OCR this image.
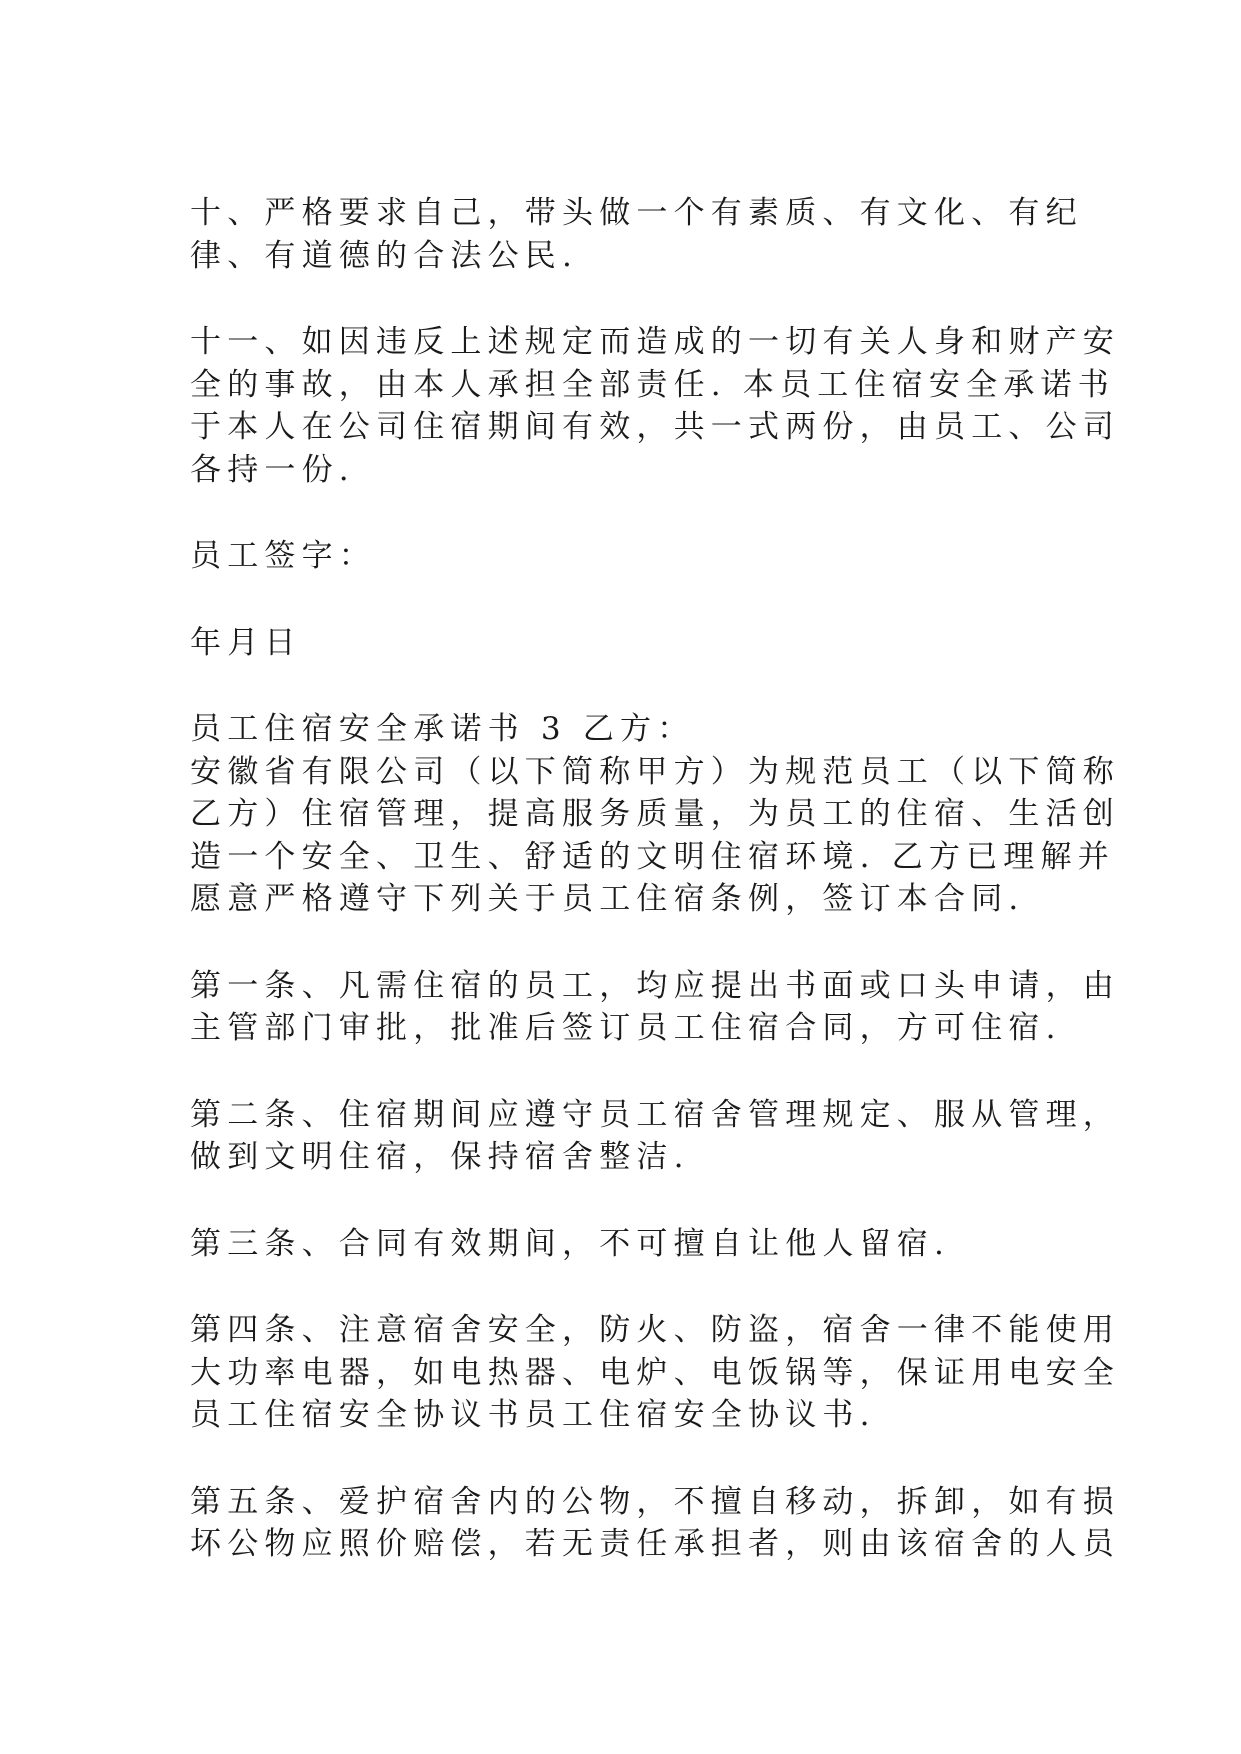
十、严格要求自己，带头做一个有素质、有文化、有纪
律、有道德的合法公民.
十一、如因违反上述规定而造成的一切有关人身和财产安
全的事故，由本人承担全部责任. 本员工住宿安全承诺书
于本人在公司住宿期间有效，共一式两份，由员工、公司
各持一份.
员工签字：
年月日
员工住宿安全承诺书 3 乙方：
安徽省有限公司（以下简称甲方）为规范员工（以下简称
乙方）住宿管理，提高服务质量，为员工的住宿、生活创
造一个安全、卫生、舒适的文明住宿环境. 乙方已理解并
愿意严格遵守下列关于员工住宿条例，签订本合同.
第一条、凡需住宿的员工，均应提出书面或口头申请，由
主管部门审批，批准后签订员工住宿合同，方可住宿.
第二条、住宿期间应遵守员工宿舍管理规定、服从管理，
做到文明住宿，保持宿舍整洁.
第三条、合同有效期间，不可擅自让他人留宿.
第四条、注意宿舍安全，防火、防盗，宿舍一律不能使用
大功率电器，如电热器、电炉、电饭锅等，保证用电安全
员工住宿安全协议书员工住宿安全协议书.
第五条、爱护宿舍内的公物，不擅自移动，拆卸，如有损
坏公物应照价赔偿，若无责任承担者，则由该宿舍的人员
